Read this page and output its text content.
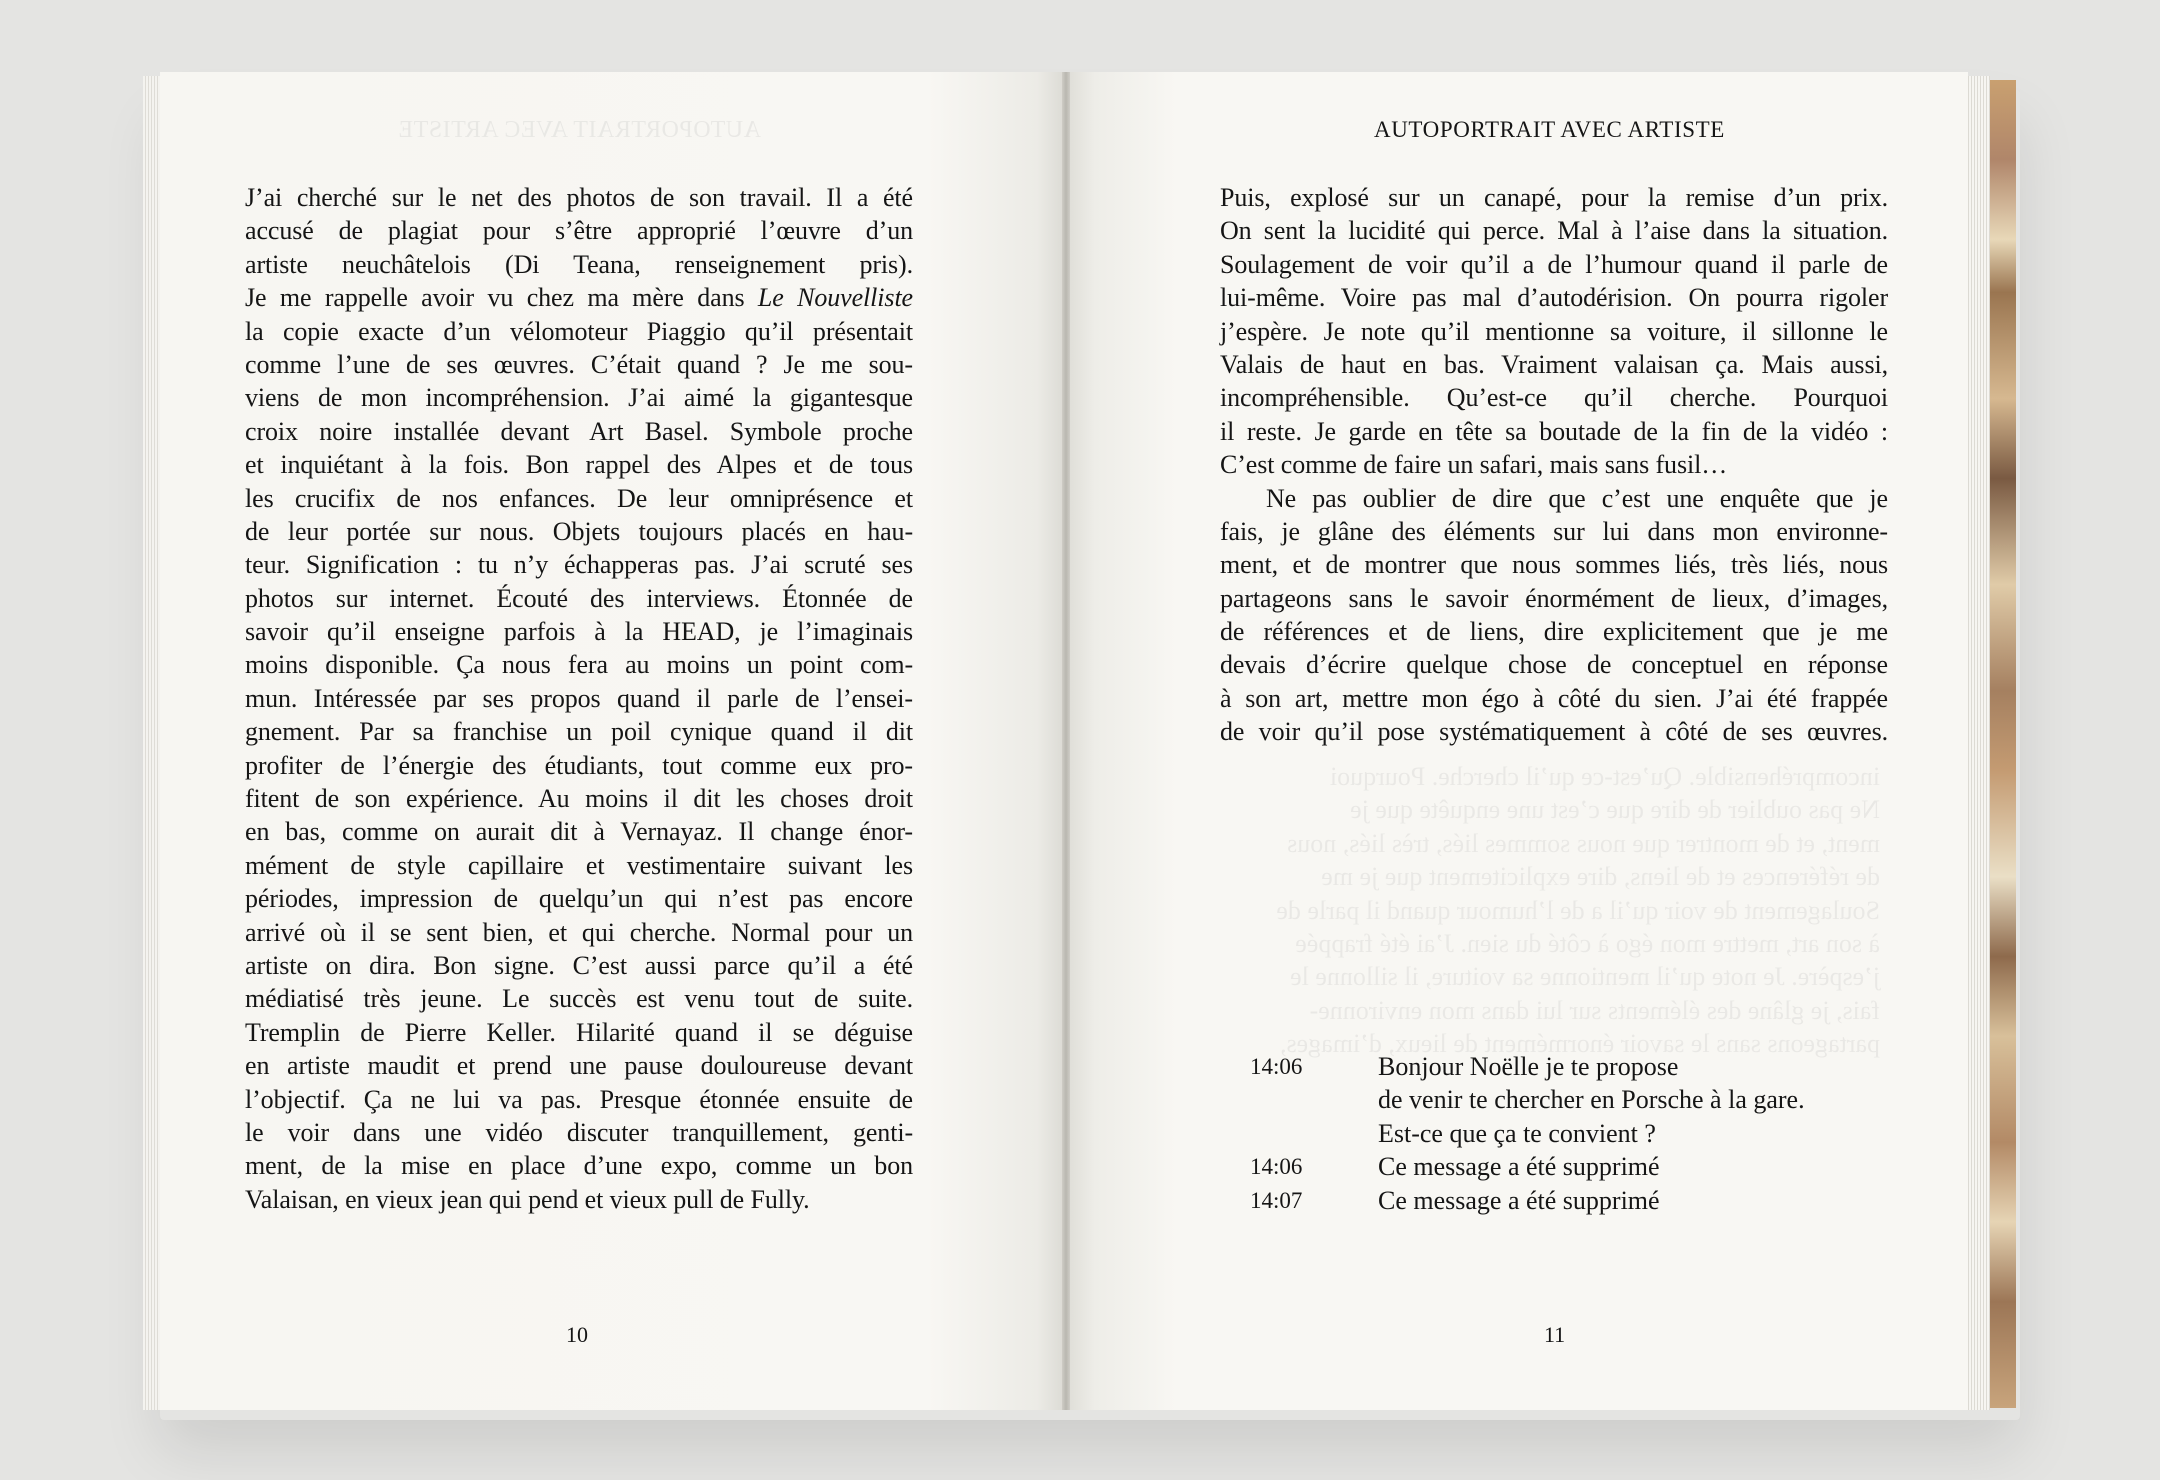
AUTOPORTRAIT AVEC ARTISTE
incompréhensible. Qu’est-ce qu’il cherche. Pourquoi
Ne pas oublier de dire que c’est une enquête que je
ment, et de montrer que nous sommes liés, très liés, nous
de références et de liens, dire explicitement que je me
Soulagement de voir qu’il a de l’humour quand il parle de
à son art, mettre mon égo à côté du sien. J’ai été frappée
j’espère. Je note qu’il mentionne sa voiture, il sillonne le
fais, je glâne des éléments sur lui dans mon environne-
partageons sans le savoir énormément de lieux, d’images,
AUTOPORTRAIT AVEC ARTISTE
J’ai cherché sur le net des photos de son travail. Il a été
accusé de plagiat pour s’être approprié l’œuvre d’un
artiste neuchâtelois (Di Teana, renseignement pris).
Je me rappelle avoir vu chez ma mère dans Le Nouvelliste
la copie exacte d’un vélomoteur Piaggio qu’il présentait
comme l’une de ses œuvres. C’était quand ? Je me sou-
viens de mon incompréhension. J’ai aimé la gigantesque
croix noire installée devant Art Basel. Symbole proche
et inquiétant à la fois. Bon rappel des Alpes et de tous
les crucifix de nos enfances. De leur omniprésence et
de leur portée sur nous. Objets toujours placés en hau-
teur. Signification : tu n’y échapperas pas. J’ai scruté ses
photos sur internet. Écouté des interviews. Étonnée de
savoir qu’il enseigne parfois à la HEAD, je l’imaginais
moins disponible. Ça nous fera au moins un point com-
mun. Intéressée par ses propos quand il parle de l’ensei-
gnement. Par sa franchise un poil cynique quand il dit
profiter de l’énergie des étudiants, tout comme eux pro-
fitent de son expérience. Au moins il dit les choses droit
en bas, comme on aurait dit à Vernayaz. Il change énor-
mément de style capillaire et vestimentaire suivant les
périodes, impression de quelqu’un qui n’est pas encore
arrivé où il se sent bien, et qui cherche. Normal pour un
artiste on dira. Bon signe. C’est aussi parce qu’il a été
médiatisé très jeune. Le succès est venu tout de suite.
Tremplin de Pierre Keller. Hilarité quand il se déguise
en artiste maudit et prend une pause douloureuse devant
l’objectif. Ça ne lui va pas. Presque étonnée ensuite de
le voir dans une vidéo discuter tranquillement, genti-
ment, de la mise en place d’une expo, comme un bon
Valaisan, en vieux jean qui pend et vieux pull de Fully.
Puis, explosé sur un canapé, pour la remise d’un prix.
On sent la lucidité qui perce. Mal à l’aise dans la situation.
Soulagement de voir qu’il a de l’humour quand il parle de
lui-même. Voire pas mal d’autodérision. On pourra rigoler
j’espère. Je note qu’il mentionne sa voiture, il sillonne le
Valais de haut en bas. Vraiment valaisan ça. Mais aussi,
incompréhensible. Qu’est-ce qu’il cherche. Pourquoi
il reste. Je garde en tête sa boutade de la fin de la vidéo :
C’est comme de faire un safari, mais sans fusil…
Ne pas oublier de dire que c’est une enquête que je
fais, je glâne des éléments sur lui dans mon environne-
ment, et de montrer que nous sommes liés, très liés, nous
partageons sans le savoir énormément de lieux, d’images,
de références et de liens, dire explicitement que je me
devais d’écrire quelque chose de conceptuel en réponse
à son art, mettre mon égo à côté du sien. J’ai été frappée
de voir qu’il pose systématiquement à côté de ses œuvres.
14:06	Bonjour Noëlle je te propose
de venir te chercher en Porsche à la gare.
Est-ce que ça te convient ?
14:06	Ce message a été supprimé
14:07	Ce message a été supprimé
10	11
